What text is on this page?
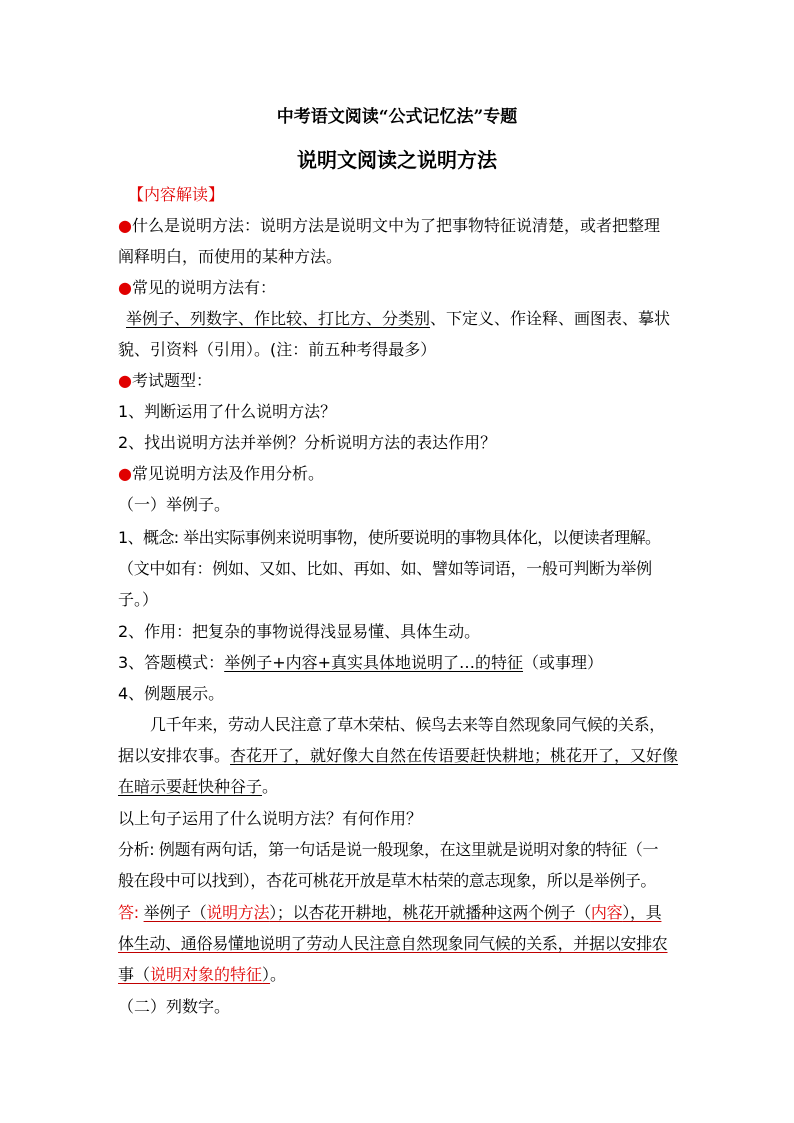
中考语文阅读“公式记忆法”专题
说明文阅读之说明方法
【内容解读】
●什么是说明方法：说明方法是说明文中为了把事物特征说清楚，或者把整理
阐释明白，而使用的某种方法。
●常见的说明方法有：
举例子、列数字、作比较、打比方、分类别、下定义、作诠释、画图表、摹状
貌、引资料（引用）。(注：前五种考得最多）
●考试题型：
1、判断运用了什么说明方法？
2、找出说明方法并举例？分析说明方法的表达作用？
●常见说明方法及作用分析。
（一）举例子。
1、概念: 举出实际事例来说明事物，使所要说明的事物具体化，以便读者理解。
（文中如有：例如、又如、比如、再如、如、譬如等词语，一般可判断为举例
子。）
2、作用：把复杂的事物说得浅显易懂、具体生动。
3、答题模式：举例子+内容+真实具体地说明了…的特征（或事理）
4、例题展示。
几千年来，劳动人民注意了草木荣枯、候鸟去来等自然现象同气候的关系，
据以安排农事。杏花开了，就好像大自然在传语要赶快耕地；桃花开了，又好像
在暗示要赶快种谷子。
以上句子运用了什么说明方法？有何作用？
分析: 例题有两句话，第一句话是说一般现象，在这里就是说明对象的特征（一
般在段中可以找到），杏花可桃花开放是草木枯荣的意志现象，所以是举例子。
答: 举例子（说明方法）；以杏花开耕地，桃花开就播种这两个例子（内容），具
体生动、通俗易懂地说明了劳动人民注意自然现象同气候的关系，并据以安排农
事（说明对象的特征）。
（二）列数字。
